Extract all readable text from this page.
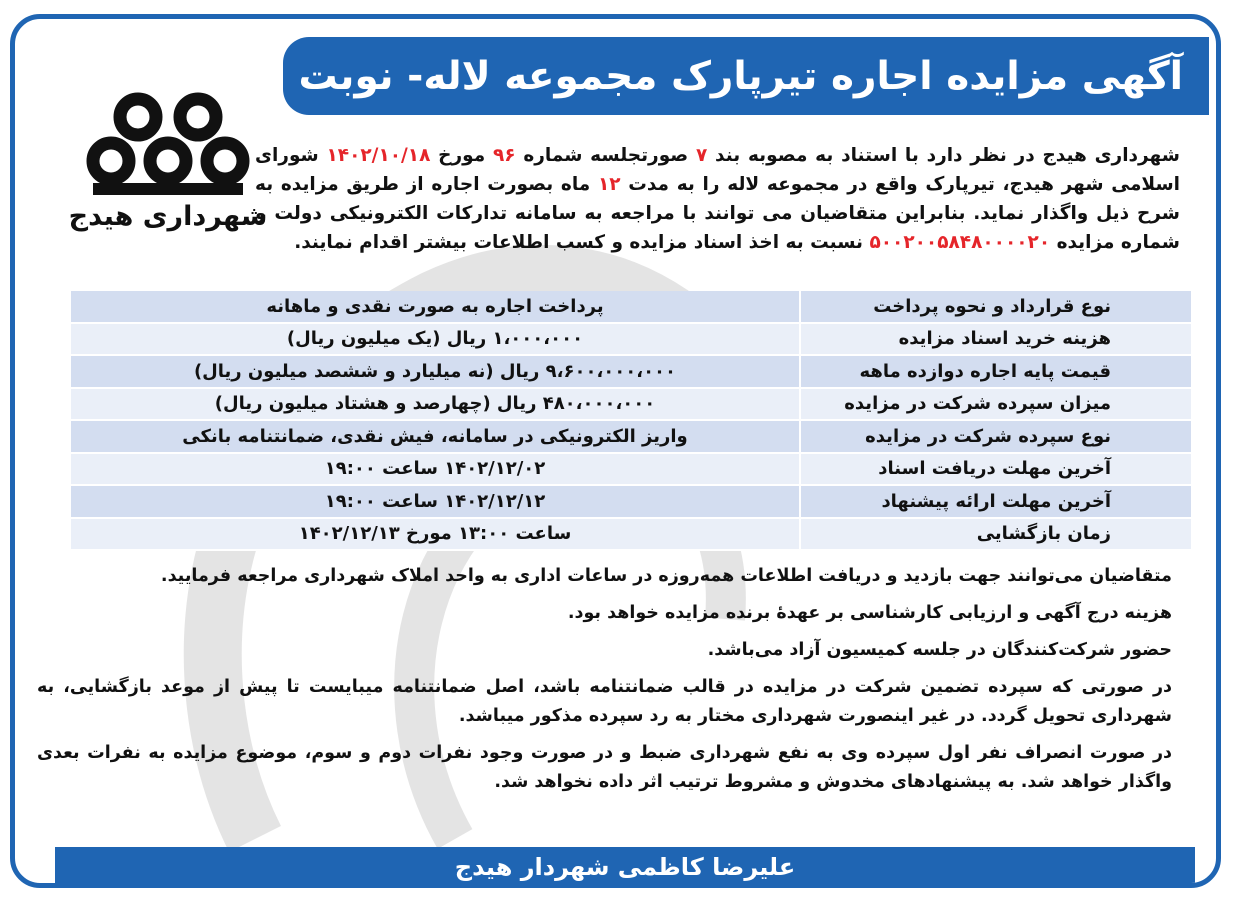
آگهی مزایده اجاره تیرپارک مجموعه لاله- نوبت دوم
شهرداری هیدج
شهرداری هیدج در نظر دارد با استناد به مصوبه بند ۷ صورتجلسه شماره ۹۶ مورخ ۱۴۰۲/۱۰/۱۸ شورای اسلامی شهر هیدج، تیرپارک واقع در مجموعه لاله را به مدت ۱۲ ماه بصورت اجاره از طریق مزایده به شرح ذیل واگذار نماید. بنابراین متقاضیان می توانند با مراجعه به سامانه تدارکات الکترونیکی دولت و شماره مزایده ۵۰۰۲۰۰۵۸۴۸۰۰۰۰۲۰ نسبت به اخذ اسناد مزایده و کسب اطلاعات بیشتر اقدام نمایند.
نوع قرارداد و نحوه پرداخت	پرداخت اجاره به صورت نقدی و ماهانه
هزینه خرید اسناد مزایده	۱،۰۰۰،۰۰۰ ریال (یک میلیون ریال)
قیمت پایه اجاره دوازده ماهه	۹،۶۰۰،۰۰۰،۰۰۰ ریال (نه میلیارد و ششصد میلیون ریال)
میزان سپرده شرکت در مزایده	۴۸۰،۰۰۰،۰۰۰ ریال (چهارصد و هشتاد میلیون ریال)
نوع سپرده شرکت در مزایده	واریز الکترونیکی در سامانه، فیش نقدی، ضمانتنامه بانکی
آخرین مهلت دریافت اسناد	۱۴۰۲/۱۲/۰۲ ساعت ۱۹:۰۰
آخرین مهلت ارائه پیشنهاد	۱۴۰۲/۱۲/۱۲ ساعت ۱۹:۰۰
زمان بازگشایی	ساعت ۱۳:۰۰ مورخ ۱۴۰۲/۱۲/۱۳

متقاضیان می‌توانند جهت بازدید و دریافت اطلاعات همه‌روزه در ساعات اداری به واحد املاک شهرداری مراجعه فرمایید.

هزینه درج آگهی و ارزیابی کارشناسی بر عهدهٔ برنده مزایده خواهد بود.

حضور شرکت‌کنندگان در جلسه کمیسیون آزاد می‌باشد.

در صورتی که سپرده تضمین شرکت در مزایده در قالب ضمانتنامه باشد، اصل ضمانتنامه میبایست تا پیش از موعد بازگشایی، به شهرداری تحویل گردد. در غیر اینصورت شهرداری مختار به رد سپرده مذکور میباشد.

در صورت انصراف نفر اول سپرده وی به نفع شهرداری ضبط و در صورت وجود نفرات دوم و سوم، موضوع مزایده به نفرات بعدی واگذار خواهد شد. به پیشنهادهای مخدوش و مشروط ترتیب اثر داده نخواهد شد.

علیرضا کاظمی شهردار هیدج
